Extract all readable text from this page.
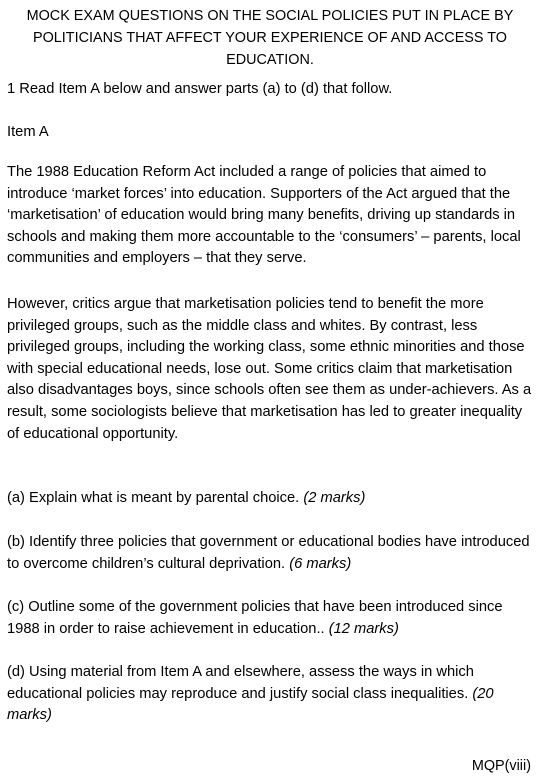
MOCK EXAM QUESTIONS ON THE SOCIAL POLICIES PUT IN PLACE BY POLITICIANS THAT AFFECT YOUR EXPERIENCE OF AND ACCESS TO EDUCATION.

1 Read Item A below and answer parts (a) to (d) that follow.

Item A

The 1988 Education Reform Act included a range of policies that aimed to introduce ‘market forces’ into education. Supporters of the Act argued that the ‘marketisation’ of education would bring many benefits, driving up standards in schools and making them more accountable to the ‘consumers’ – parents, local communities and employers – that they serve.

However, critics argue that marketisation policies tend to benefit the more privileged groups, such as the middle class and whites. By contrast, less privileged groups, including the working class, some ethnic minorities and those with special educational needs, lose out. Some critics claim that marketisation also disadvantages boys, since schools often see them as under-achievers. As a result, some sociologists believe that marketisation has led to greater inequality of educational opportunity.

(a) Explain what is meant by parental choice. (2 marks)

(b) Identify three policies that government or educational bodies have introduced to overcome children’s cultural deprivation. (6 marks)

(c) Outline some of the government policies that have been introduced since 1988 in order to raise achievement in education.. (12 marks)

(d) Using material from Item A and elsewhere, assess the ways in which educational policies may reproduce and justify social class inequalities. (20 marks)

MQP(viii)
